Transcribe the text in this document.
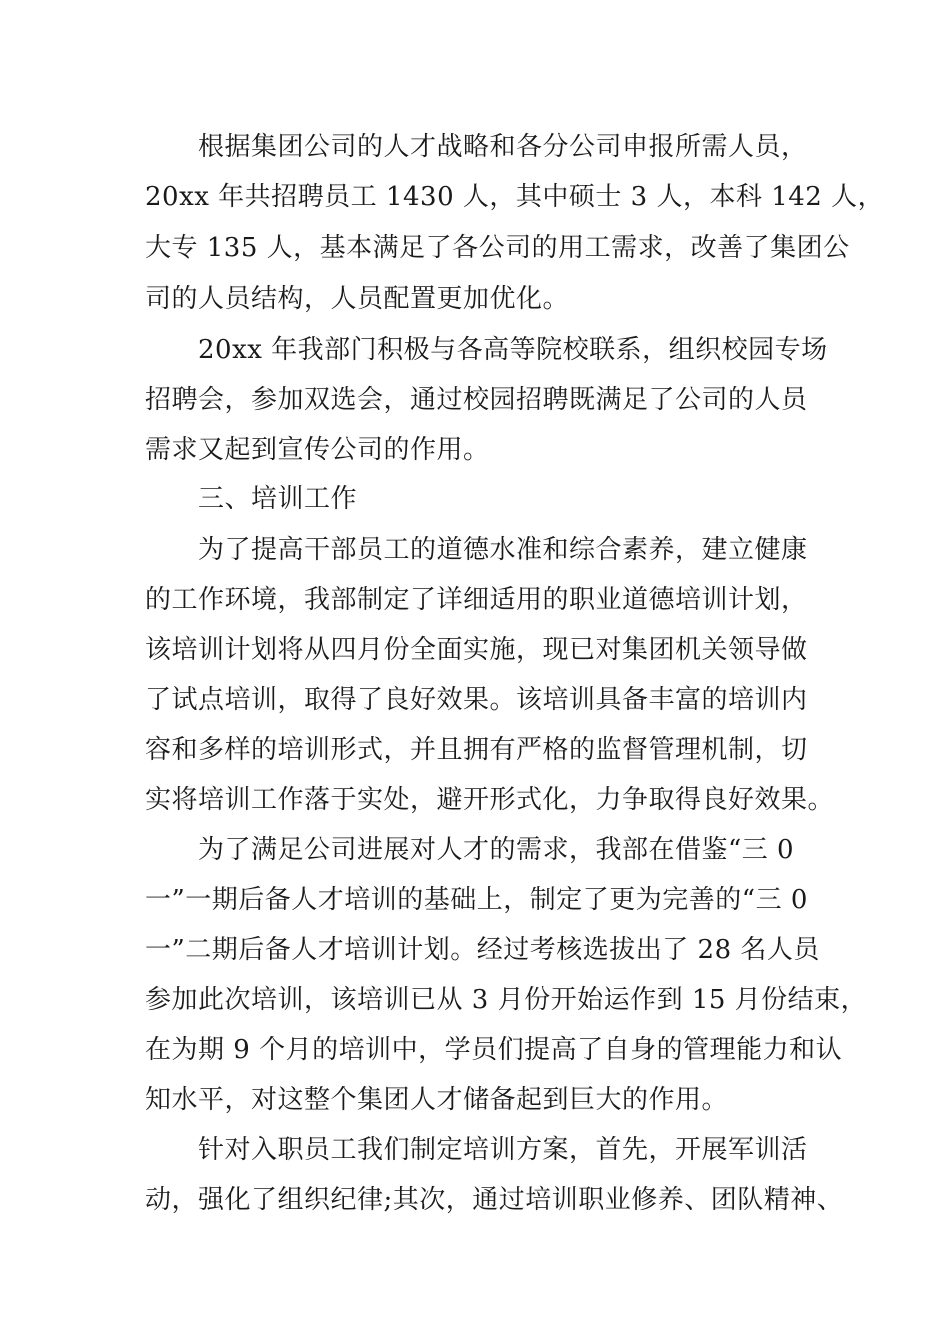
根据集团公司的人才战略和各分公司申报所需人员，
20xx 年共招聘员工 1430 人，其中硕士 3 人，本科 142 人，
大专 135 人，基本满足了各公司的用工需求，改善了集团公
司的人员结构，人员配置更加优化。
20xx 年我部门积极与各高等院校联系，组织校园专场
招聘会，参加双选会，通过校园招聘既满足了公司的人员
需求又起到宣传公司的作用。
三、培训工作
为了提高干部员工的道德水准和综合素养，建立健康
的工作环境，我部制定了详细适用的职业道德培训计划，
该培训计划将从四月份全面实施，现已对集团机关领导做
了试点培训，取得了良好效果。该培训具备丰富的培训内
容和多样的培训形式，并且拥有严格的监督管理机制，切
实将培训工作落于实处，避开形式化，力争取得良好效果。
为了满足公司进展对人才的需求，我部在借鉴“三 0
一”一期后备人才培训的基础上，制定了更为完善的“三 0
一”二期后备人才培训计划。经过考核选拔出了 28 名人员
参加此次培训，该培训已从 3 月份开始运作到 15 月份结束，
在为期 9 个月的培训中，学员们提高了自身的管理能力和认
知水平，对这整个集团人才储备起到巨大的作用。
针对入职员工我们制定培训方案，首先，开展军训活
动，强化了组织纪律;其次，通过培训职业修养、团队精神、
